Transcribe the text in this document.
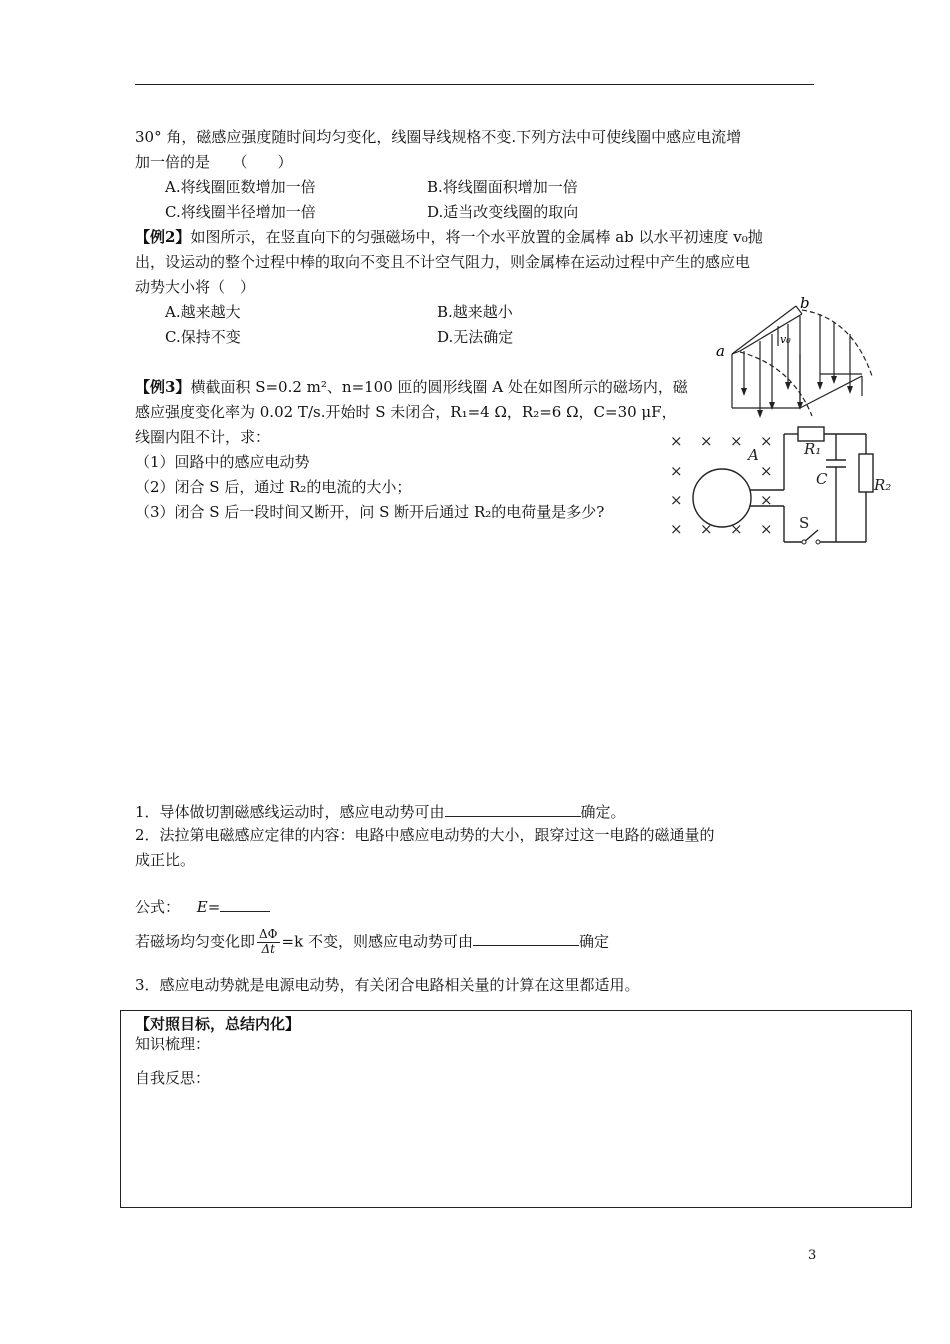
30° 角，磁感应强度随时间均匀变化，线圈导线规格不变.下列方法中可使线圈中感应电流增
加一倍的是　　（　　）
A.将线圈匝数增加一倍	B.将线圈面积增加一倍
C.将线圈半径增加一倍	D.适当改变线圈的取向
【例2】如图所示，在竖直向下的匀强磁场中，将一个水平放置的金属棒 ab 以水平初速度 v₀抛
出，设运动的整个过程中棒的取向不变且不计空气阻力，则金属棒在运动过程中产生的感应电
动势大小将（　）
A.越来越大	B.越来越小
C.保持不变	D.无法确定
a
b
v₀
【例3】横截面积 S=0.2 m²、n=100 匝的圆形线圈 A 处在如图所示的磁场内，磁
感应强度变化率为 0.02 T/s.开始时 S 未闭合，R₁=4 Ω，R₂=6 Ω，C=30 μF，
线圈内阻不计，求：
（1）回路中的感应电动势
（2）闭合 S 后，通过 R₂的电流的大小；
（3）闭合 S 后一段时间又断开，问 S 断开后通过 R₂的电荷量是多少?
× × × ×
×	×
×	×
× × × ×
A	R₁
C	R₂
S
1．导体做切割磁感线运动时，感应电动势可由	确定。
2．法拉第电磁感应定律的内容：电路中感应电动势的大小，跟穿过这一电路的磁通量的
成正比。
公式： E=
若磁场均匀变化即 $\frac{\Delta\Phi}{\Delta t} =k$ 不变，则感应电动势可由	确定
3．感应电动势就是电源电动势，有关闭合电路相关量的计算在这里都适用。
【对照目标，总结内化】
知识梳理：
自我反思：
3
